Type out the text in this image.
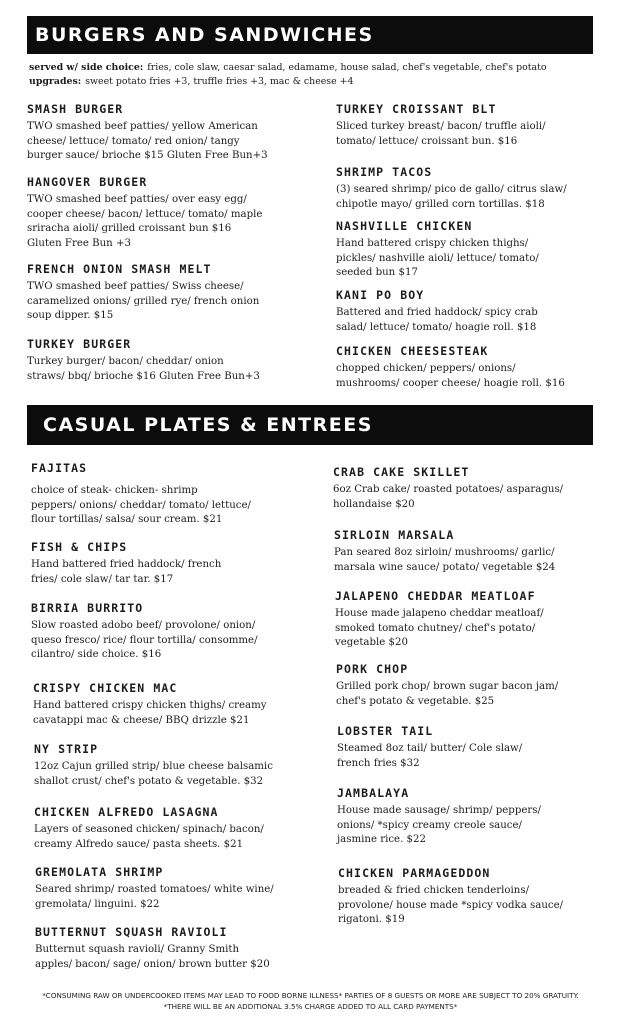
BURGERS AND SANDWICHES
served w/ side choice: fries, cole slaw, caesar salad, edamame, house salad, chef's vegetable, chef's potato
upgrades: sweet potato fries +3, truffle fries +3, mac & cheese +4
SMASH BURGER
TWO smashed beef patties/ yellow American
cheese/ lettuce/ tomato/ red onion/ tangy
burger sauce/ brioche $15 Gluten Free Bun+3
HANGOVER BURGER
TWO smashed beef patties/ over easy egg/
cooper cheese/ bacon/ lettuce/ tomato/ maple
sriracha aioli/ grilled croissant bun $16
Gluten Free Bun +3
FRENCH ONION SMASH MELT
TWO smashed beef patties/ Swiss cheese/
caramelized onions/ grilled rye/ french onion
soup dipper. $15
TURKEY BURGER
Turkey burger/ bacon/ cheddar/ onion
straws/ bbq/ brioche $16 Gluten Free Bun+3
TURKEY CROISSANT BLT
Sliced turkey breast/ bacon/ truffle aioli/
tomato/ lettuce/ croissant bun. $16
SHRIMP TACOS
(3) seared shrimp/ pico de gallo/ citrus slaw/
chipotle mayo/ grilled corn tortillas. $18
NASHVILLE CHICKEN
Hand battered crispy chicken thighs/
pickles/ nashville aioli/ lettuce/ tomato/
seeded bun $17
KANI PO BOY
Battered and fried haddock/ spicy crab
salad/ lettuce/ tomato/ hoagie roll. $18
CHICKEN CHEESESTEAK
chopped chicken/ peppers/ onions/
mushrooms/ cooper cheese/ hoagie roll. $16
CASUAL PLATES & ENTREES
FAJITAS
choice of steak- chicken- shrimp
peppers/ onions/ cheddar/ tomato/ lettuce/
flour tortillas/ salsa/ sour cream. $21
FISH & CHIPS
Hand battered fried haddock/ french
fries/ cole slaw/ tar tar. $17
BIRRIA BURRITO
Slow roasted adobo beef/ provolone/ onion/
queso fresco/ rice/ flour tortilla/ consomme/
cilantro/ side choice. $16
CRISPY CHICKEN MAC
Hand battered crispy chicken thighs/ creamy
cavatappi mac & cheese/ BBQ drizzle $21
NY STRIP
12oz Cajun grilled strip/ blue cheese balsamic
shallot crust/ chef's potato & vegetable. $32
CHICKEN ALFREDO LASAGNA
Layers of seasoned chicken/ spinach/ bacon/
creamy Alfredo sauce/ pasta sheets. $21
GREMOLATA SHRIMP
Seared shrimp/ roasted tomatoes/ white wine/
gremolata/ linguini. $22
BUTTERNUT SQUASH RAVIOLI
Butternut squash ravioli/ Granny Smith
apples/ bacon/ sage/ onion/ brown butter $20
CRAB CAKE SKILLET
6oz Crab cake/ roasted potatoes/ asparagus/
hollandaise $20
SIRLOIN MARSALA
Pan seared 8oz sirloin/ mushrooms/ garlic/
marsala wine sauce/ potato/ vegetable $24
JALAPENO CHEDDAR MEATLOAF
House made jalapeno cheddar meatloaf/
smoked tomato chutney/ chef's potato/
vegetable $20
PORK CHOP
Grilled pork chop/ brown sugar bacon jam/
chef's potato & vegetable. $25
LOBSTER TAIL
Steamed 8oz tail/ butter/ Cole slaw/
french fries $32
JAMBALAYA
House made sausage/ shrimp/ peppers/
onions/ *spicy creamy creole sauce/
jasmine rice. $22
CHICKEN PARMAGEDDON
breaded & fried chicken tenderloins/
provolone/ house made *spicy vodka sauce/
rigatoni. $19
*CONSUMING RAW OR UNDERCOOKED ITEMS MAY LEAD TO FOOD BORNE ILLNESS* PARTIES OF 8 GUESTS OR MORE ARE SUBJECT TO 20% GRATUITY.
*THERE WILL BE AN ADDITIONAL 3.5% CHARGE ADDED TO ALL CARD PAYMENTS*
